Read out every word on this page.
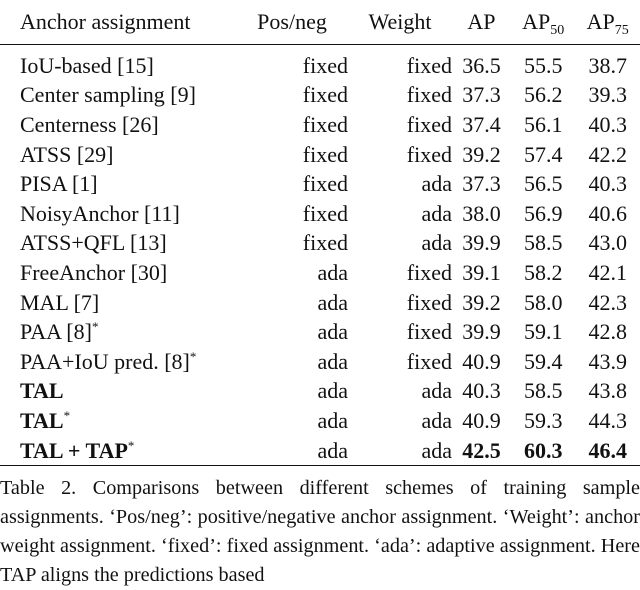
Anchor assignment	Pos/neg	Weight	AP	$AP_{50}$	$AP_{75}$
IoU-based [15]	fixed	fixed	36.5	55.5	38.7
Center sampling [9]	fixed	fixed	37.3	56.2	39.3
Centerness [26]	fixed	fixed	37.4	56.1	40.3
ATSS [29]	fixed	fixed	39.2	57.4	42.2
PISA [1]	fixed	ada	37.3	56.5	40.3
NoisyAnchor [11]	fixed	ada	38.0	56.9	40.6
ATSS+QFL [13]	fixed	ada	39.9	58.5	43.0
FreeAnchor [30]	ada	fixed	39.1	58.2	42.1
MAL [7]	ada	fixed	39.2	58.0	42.3
PAA [8]*	ada	fixed	39.9	59.1	42.8
PAA+IoU pred. [8]*	ada	fixed	40.9	59.4	43.9
TAL	ada	ada	40.3	58.5	43.8
TAL*	ada	ada	40.9	59.3	44.3
TAL + TAP*	ada	ada	42.5	60.3	46.4
Table 2. Comparisons between different schemes of training sample assignments. ‘Pos/neg’: positive/negative anchor assignment. ‘Weight’: anchor weight assignment. ‘fixed’: fixed assignment. ‘ada’: adaptive assignment. Here TAP aligns the predictions based
